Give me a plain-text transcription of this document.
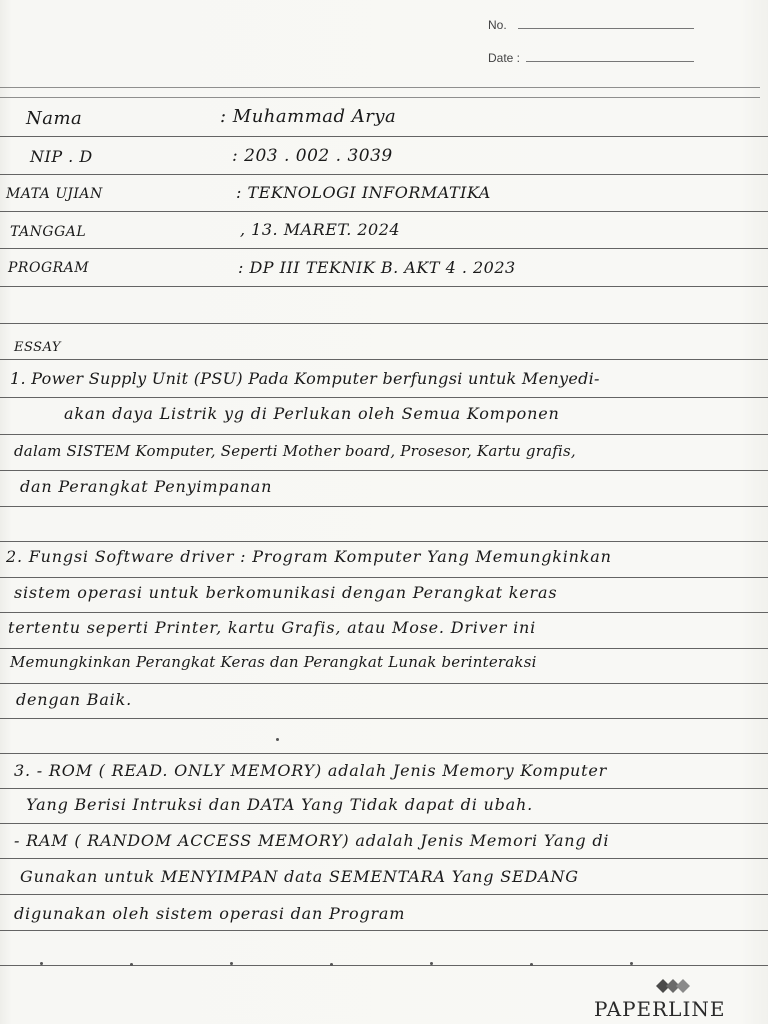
No.
Date :
Nama	: Muhammad Arya
NIP . D	: 203 . 002 . 3039
MATA UJIAN	: TEKNOLOGI INFORMATIKA
TANGGAL	, 13. MARET. 2024
PROGRAM	: DP III TEKNIK B. AKT 4 . 2023
ESSAY
1. Power Supply Unit (PSU) Pada Komputer berfungsi untuk Menyedi-
akan daya Listrik yg di Perlukan oleh Semua Komponen
dalam SISTEM Komputer, Seperti Mother board, Prosesor, Kartu grafis,
dan Perangkat Penyimpanan
2. Fungsi Software driver : Program Komputer Yang Memungkinkan
sistem operasi untuk berkomunikasi dengan Perangkat keras
tertentu seperti Printer, kartu Grafis, atau Mose. Driver ini
Memungkinkan Perangkat Keras dan Perangkat Lunak berinteraksi
dengan Baik.
3. - ROM ( READ. ONLY MEMORY) adalah Jenis Memory Komputer
Yang Berisi Intruksi dan DATA Yang Tidak dapat di ubah.
- RAM ( RANDOM ACCESS MEMORY) adalah Jenis Memori Yang di
Gunakan untuk MENYIMPAN data SEMENTARA Yang SEDANG
digunakan oleh sistem operasi dan Program
PAPERLINE
